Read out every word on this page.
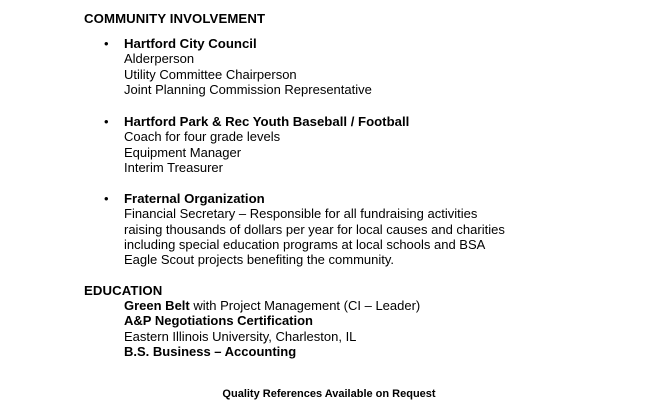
COMMUNITY INVOLVEMENT
• Hartford City Council
Alderperson
Utility Committee Chairperson
Joint Planning Commission Representative
• Hartford Park & Rec Youth Baseball / Football
Coach for four grade levels
Equipment Manager
Interim Treasurer
• Fraternal Organization
Financial Secretary – Responsible for all fundraising activities
raising thousands of dollars per year for local causes and charities
including special education programs at local schools and BSA
Eagle Scout projects benefiting the community.
EDUCATION
Green Belt with Project Management (CI – Leader)
A&P Negotiations Certification
Eastern Illinois University, Charleston, IL
B.S. Business – Accounting
Quality References Available on Request
